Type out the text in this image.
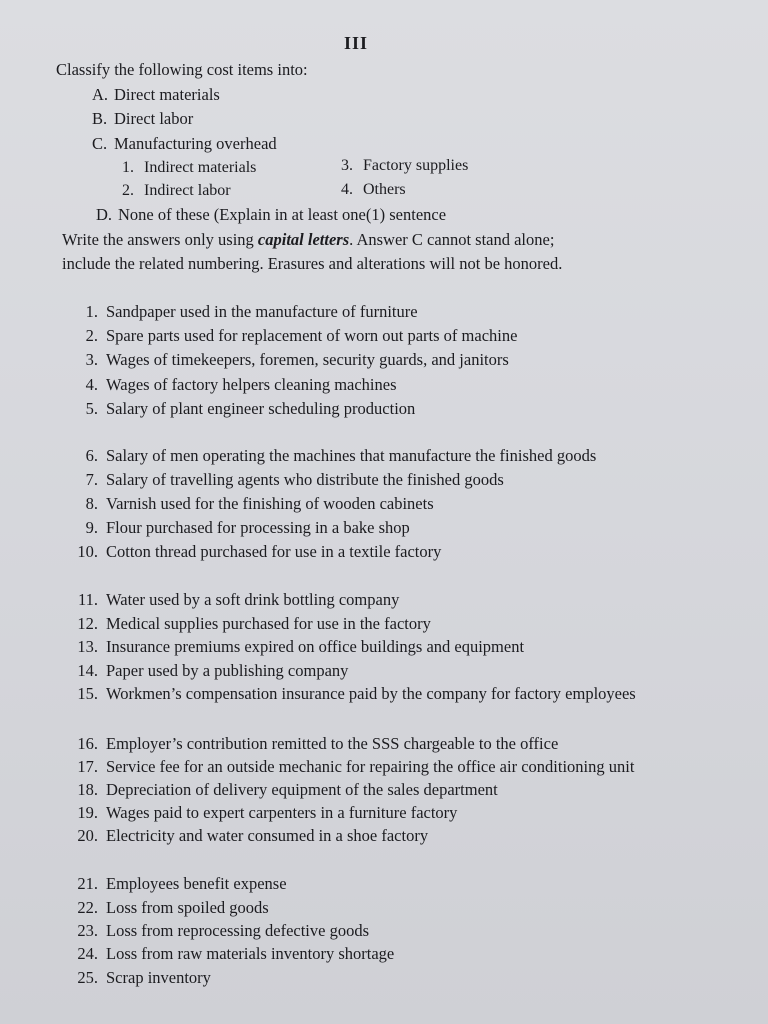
III
Classify the following cost items into:
A. Direct materials
B. Direct labor
C. Manufacturing overhead
1. Indirect materials	3. Factory supplies
2. Indirect labor	4. Others
D. None of these (Explain in at least one(1) sentence
Write the answers only using capital letters. Answer C cannot stand alone;
include the related numbering. Erasures and alterations will not be honored.
1. Sandpaper used in the manufacture of furniture
2. Spare parts used for replacement of worn out parts of machine
3. Wages of timekeepers, foremen, security guards, and janitors
4. Wages of factory helpers cleaning machines
5. Salary of plant engineer scheduling production
6. Salary of men operating the machines that manufacture the finished goods
7. Salary of travelling agents who distribute the finished goods
8. Varnish used for the finishing of wooden cabinets
9. Flour purchased for processing in a bake shop
10. Cotton thread purchased for use in a textile factory
11. Water used by a soft drink bottling company
12. Medical supplies purchased for use in the factory
13. Insurance premiums expired on office buildings and equipment
14. Paper used by a publishing company
15. Workmen’s compensation insurance paid by the company for factory employees
16. Employer’s contribution remitted to the SSS chargeable to the office
17. Service fee for an outside mechanic for repairing the office air conditioning unit
18. Depreciation of delivery equipment of the sales department
19. Wages paid to expert carpenters in a furniture factory
20. Electricity and water consumed in a shoe factory
21. Employees benefit expense
22. Loss from spoiled goods
23. Loss from reprocessing defective goods
24. Loss from raw materials inventory shortage
25. Scrap inventory
